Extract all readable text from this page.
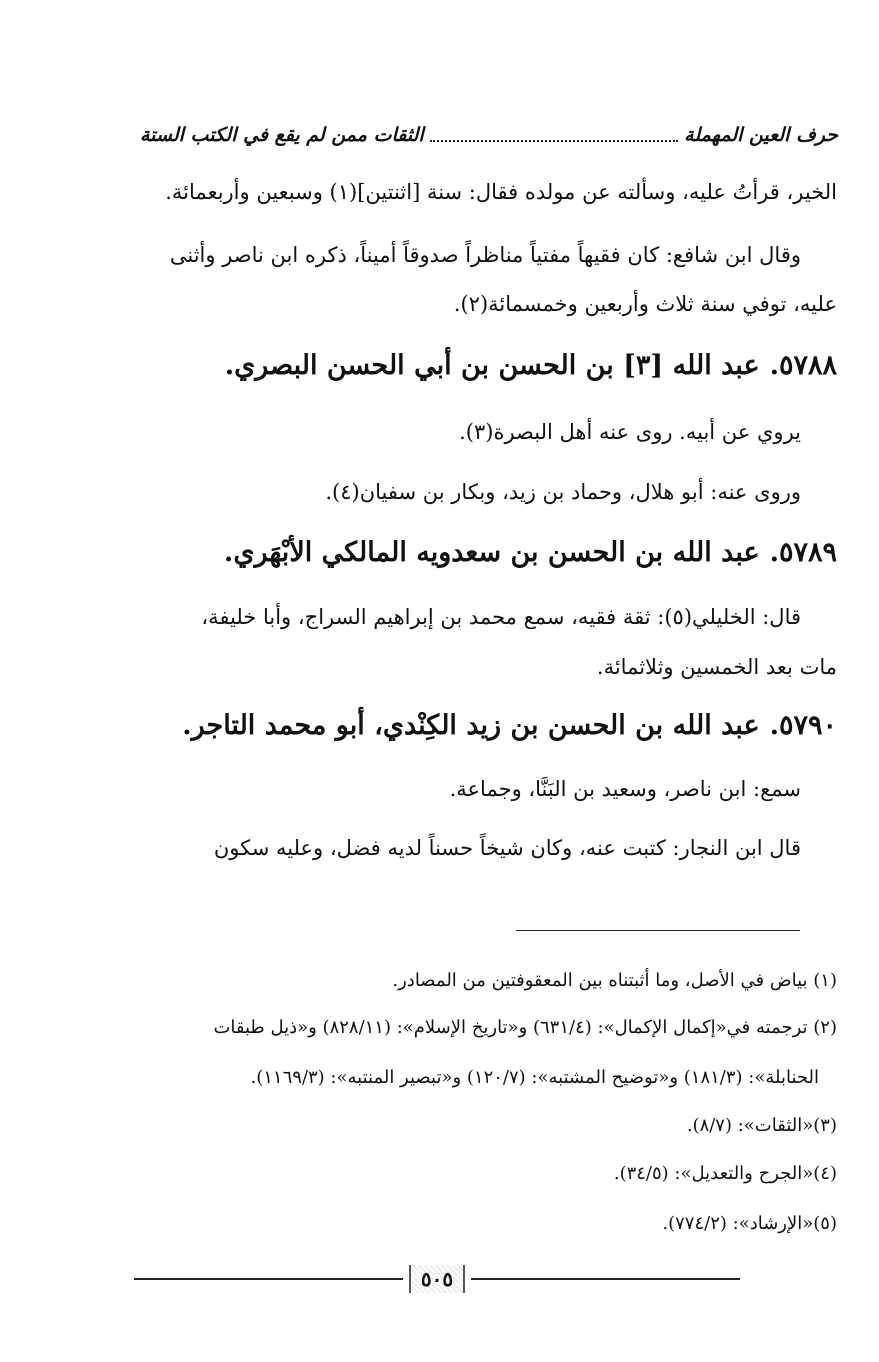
حرف العين المهملة
الثقات ممن لم يقع في الكتب الستة
الخير، قرأتُ عليه، وسألته عن مولده فقال: سنة [اثنتين](١) وسبعين وأربعمائة.
وقال ابن شافع: كان فقيهاً مفتياً مناظراً صدوقاً أميناً، ذكره ابن ناصر وأثنى
عليه، توفي سنة ثلاث وأربعين وخمسمائة(٢).
٥٧٨٨.عبد الله [٣] بن الحسن بن أبي الحسن البصري.
يروي عن أبيه. روى عنه أهل البصرة(٣).
وروى عنه: أبو هلال، وحماد بن زيد، وبكار بن سفيان(٤).
٥٧٨٩.عبد الله بن الحسن بن سعدويه المالكي الأبْهَري.
قال: الخليلي(٥): ثقة فقيه، سمع محمد بن إبراهيم السراج، وأبا خليفة،
مات بعد الخمسين وثلاثمائة.
٥٧٩٠.عبد الله بن الحسن بن زيد الكِنْدي، أبو محمد التاجر.
سمع: ابن ناصر، وسعيد بن البَنَّا، وجماعة.
قال ابن النجار: كتبت عنه، وكان شيخاً حسناً لديه فضل، وعليه سكون
(١) بياض في الأصل، وما أثبتناه بين المعقوفتين من المصادر.
(٢) ترجمته في«إكمال الإكمال»: (٦٣١/٤) و«تاريخ الإسلام»: (٨٢٨/١١) و«ذيل طبقات
الحنابلة»: (١٨١/٣) و«توضيح المشتبه»: (١٢٠/٧) و«تبصير المنتبه»: (١١٦٩/٣).
(٣)«الثقات»: (٨/٧).
(٤)«الجرح والتعديل»: (٣٤/٥).
(٥)«الإرشاد»: (٧٧٤/٢).
٥٠٥
